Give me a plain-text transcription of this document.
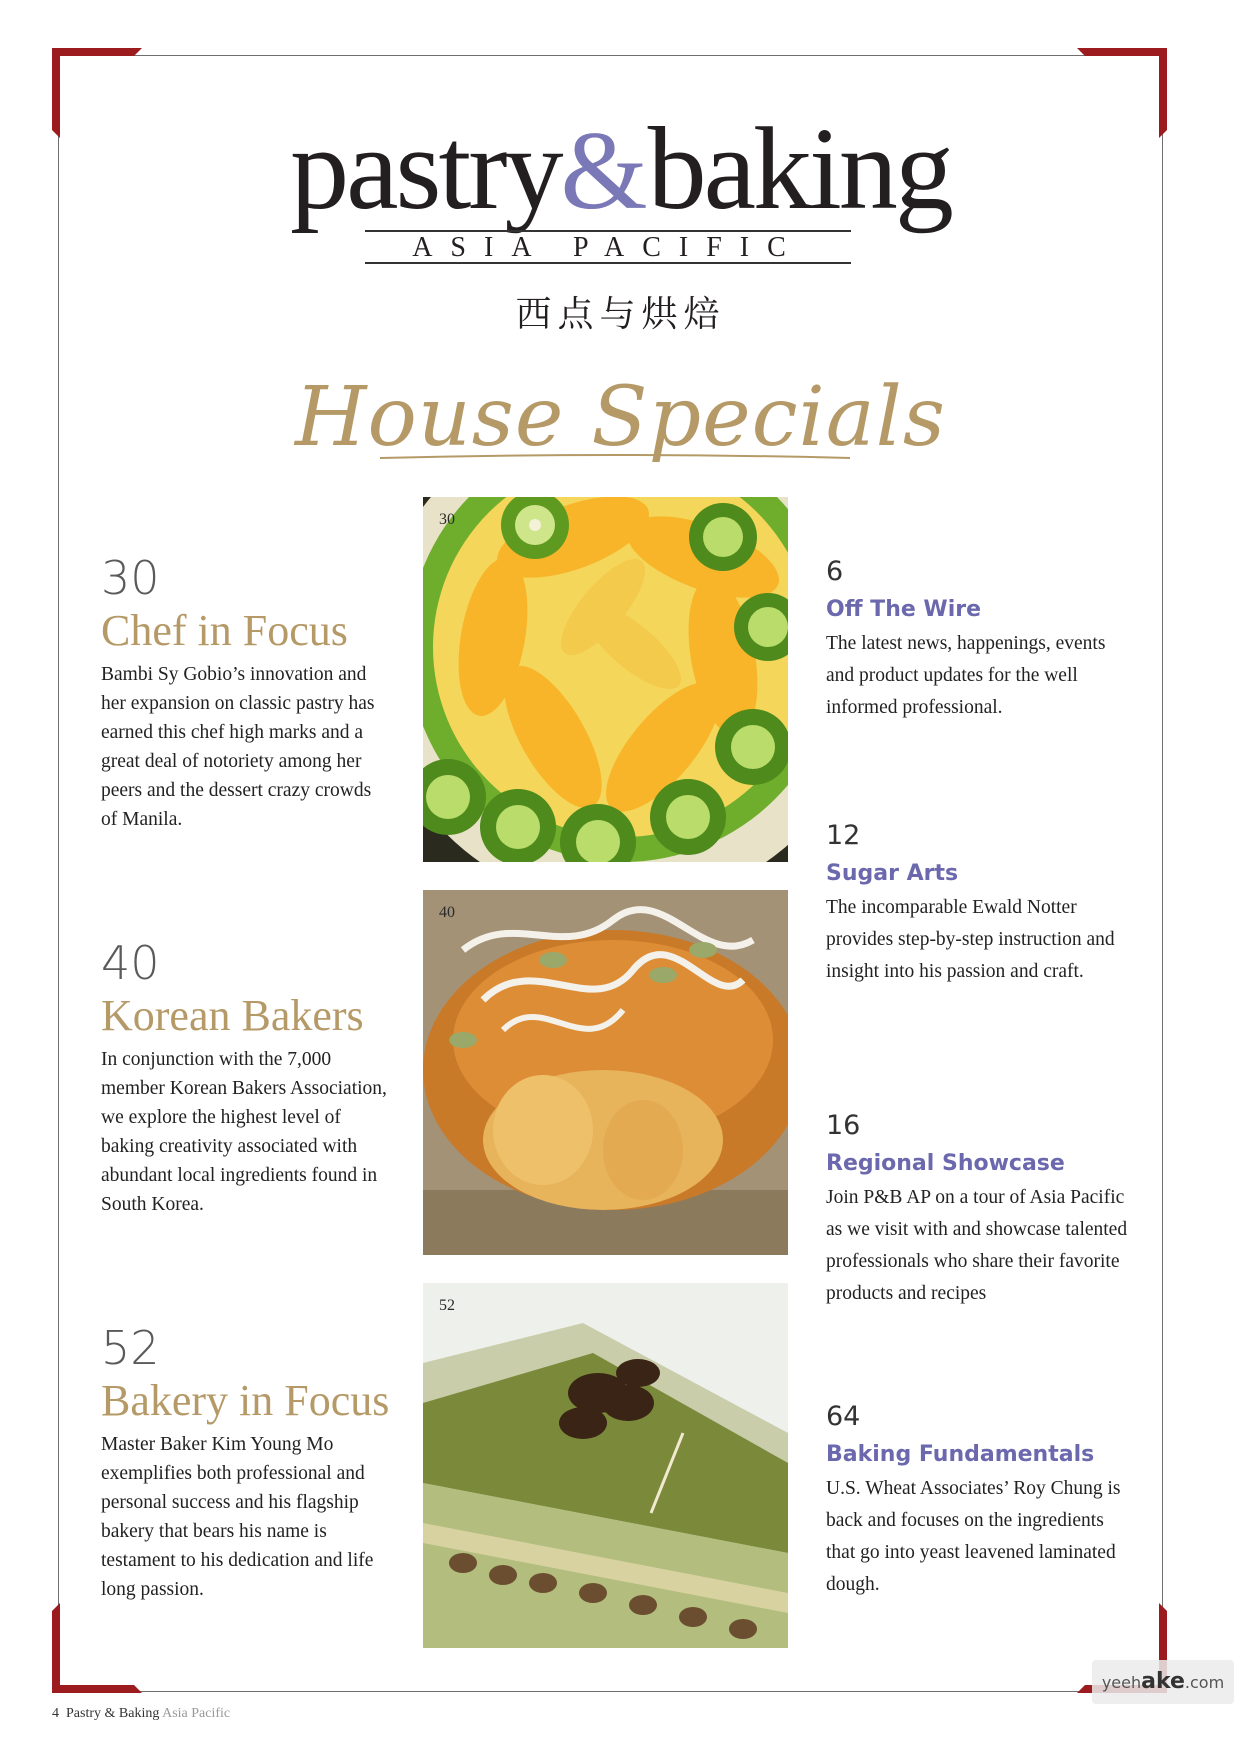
pastry&baking
ASIA PACIFIC
西点与烘焙
House Specials
30
Chef in Focus
Bambi Sy Gobio’s innovation and her expansion on classic pastry has earned this chef high marks and a great deal of notoriety among her peers and the dessert crazy crowds of Manila.
40
Korean Bakers
In conjunction with the 7,000 member Korean Bakers Association, we explore the highest level of baking creativity associated with abundant local ingredients found in South Korea.
52
Bakery in Focus
Master Baker Kim Young Mo exemplifies both professional and personal success and his flagship bakery that bears his name is testament to his dedication and life long passion.
30
40
52
6
Off The Wire
The latest news, happenings, events and product updates for the well informed professional.
12
Sugar Arts
The incomparable Ewald Notter provides step-by-step instruction and insight into his passion and craft.
16
Regional Showcase
Join P&B AP on a tour of Asia Pacific as we visit with and showcase talented professionals who share their favorite products and recipes
64
Baking Fundamentals
U.S. Wheat Associates’ Roy Chung is back and focuses on the ingredients that go into yeast leavened laminated dough.
4 Pastry & Baking Asia Pacific
yeehake.com
